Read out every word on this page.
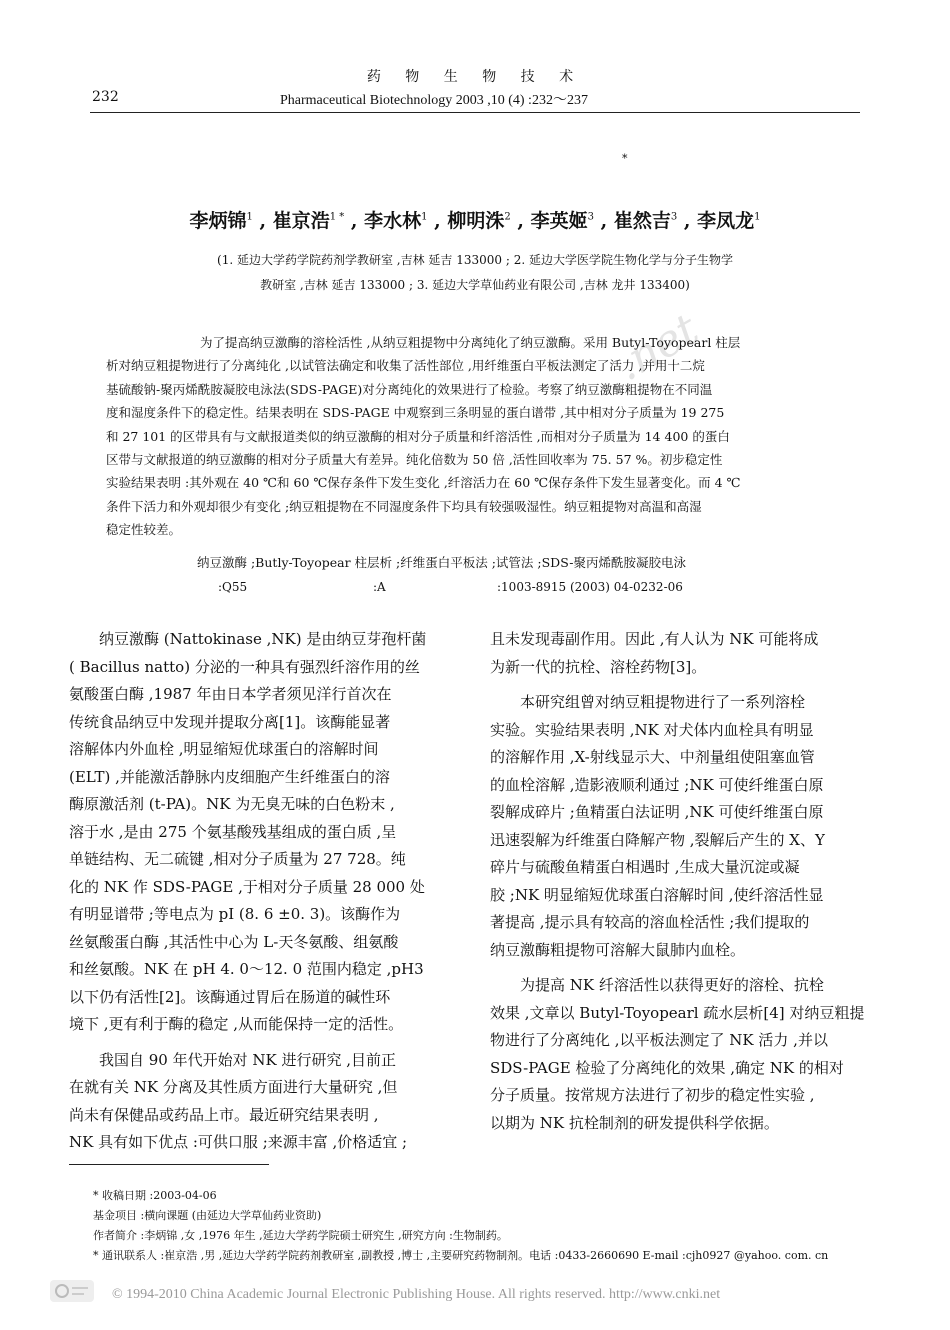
药 物 生 物 技 术
232	Pharmaceutical Biotechnology 2003 ,10 (4) :232～237
.net
*
李炳锦$^1$ , 崔京浩$^{1 *}$ , 李水林$^1$ , 柳明洙$^2$ , 李英姬$^3$ , 崔然吉$^3$ , 李凤龙$^1$
(1. 延边大学药学院药剂学教研室 ,吉林 延吉 133000 ; 2. 延边大学医学院生物化学与分子生物学
教研室 ,吉林 延吉 133000 ; 3. 延边大学草仙药业有限公司 ,吉林 龙井 133400)
为了提高纳豆激酶的溶栓活性 ,从纳豆粗提物中分离纯化了纳豆激酶。采用 Butyl-Toyopearl 柱层
析对纳豆粗提物进行了分离纯化 ,以试管法确定和收集了活性部位 ,用纤维蛋白平板法测定了活力 ,并用十二烷
基硫酸钠-聚丙烯酰胺凝胶电泳法(SDS-PAGE)对分离纯化的效果进行了检验。考察了纳豆激酶粗提物在不同温
度和湿度条件下的稳定性。结果表明在 SDS-PAGE 中观察到三条明显的蛋白谱带 ,其中相对分子质量为 19 275
和 27 101 的区带具有与文献报道类似的纳豆激酶的相对分子质量和纤溶活性 ,而相对分子质量为 14 400 的蛋白
区带与文献报道的纳豆激酶的相对分子质量大有差异。纯化倍数为 50 倍 ,活性回收率为 75. 57 %。初步稳定性
实验结果表明 :其外观在 40 ℃和 60 ℃保存条件下发生变化 ,纤溶活力在 60 ℃保存条件下发生显著变化。而 4 ℃
条件下活力和外观却很少有变化 ;纳豆粗提物在不同湿度条件下均具有较强吸湿性。纳豆粗提物对高温和高湿
稳定性较差。
纳豆激酶 ;Butly-Toyopear 柱层析 ;纤维蛋白平板法 ;试管法 ;SDS-聚丙烯酰胺凝胶电泳
:Q55	:A	:1003-8915 (2003) 04-0232-06
纳豆激酶 (Nattokinase ,NK) 是由纳豆芽孢杆菌
( Bacillus natto) 分泌的一种具有强烈纤溶作用的丝
氨酸蛋白酶 ,1987 年由日本学者须见洋行首次在
传统食品纳豆中发现并提取分离[1]。该酶能显著
溶解体内外血栓 ,明显缩短优球蛋白的溶解时间
(ELT) ,并能激活静脉内皮细胞产生纤维蛋白的溶
酶原激活剂 (t-PA)。NK 为无臭无味的白色粉末 ,
溶于水 ,是由 275 个氨基酸残基组成的蛋白质 ,呈
单链结构、无二硫键 ,相对分子质量为 27 728。纯
化的 NK 作 SDS-PAGE ,于相对分子质量 28 000 处
有明显谱带 ;等电点为 pI (8. 6 ±0. 3)。该酶作为
丝氨酸蛋白酶 ,其活性中心为 L-天冬氨酸、组氨酸
和丝氨酸。NK 在 pH 4. 0～12. 0 范围内稳定 ,pH3
以下仍有活性[2]。该酶通过胃后在肠道的碱性环
境下 ,更有利于酶的稳定 ,从而能保持一定的活性。
我国自 90 年代开始对 NK 进行研究 ,目前正
在就有关 NK 分离及其性质方面进行大量研究 ,但
尚未有保健品或药品上市。最近研究结果表明 ,
NK 具有如下优点 :可供口服 ;来源丰富 ,价格适宜 ;
且未发现毒副作用。因此 ,有人认为 NK 可能将成
为新一代的抗栓、溶栓药物[3]。
本研究组曾对纳豆粗提物进行了一系列溶栓
实验。实验结果表明 ,NK 对犬体内血栓具有明显
的溶解作用 ,X-射线显示大、中剂量组使阻塞血管
的血栓溶解 ,造影液顺利通过 ;NK 可使纤维蛋白原
裂解成碎片 ;鱼精蛋白法证明 ,NK 可使纤维蛋白原
迅速裂解为纤维蛋白降解产物 ,裂解后产生的 X、Y
碎片与硫酸鱼精蛋白相遇时 ,生成大量沉淀或凝
胶 ;NK 明显缩短优球蛋白溶解时间 ,使纤溶活性显
著提高 ,提示具有较高的溶血栓活性 ;我们提取的
纳豆激酶粗提物可溶解大鼠肺内血栓。
为提高 NK 纤溶活性以获得更好的溶栓、抗栓
效果 ,文章以 Butyl-Toyopearl 疏水层析[4] 对纳豆粗提
物进行了分离纯化 ,以平板法测定了 NK 活力 ,并以
SDS-PAGE 检验了分离纯化的效果 ,确定 NK 的相对
分子质量。按常规方法进行了初步的稳定性实验 ,
以期为 NK 抗栓制剂的研发提供科学依据。
* 收稿日期 :2003-04-06
基金项目 :横向课题 (由延边大学草仙药业资助)
作者简介 :李炳锦 ,女 ,1976 年生 ,延边大学药学院硕士研究生 ,研究方向 :生物制药。
* 通讯联系人 :崔京浩 ,男 ,延边大学药学院药剂教研室 ,副教授 ,博士 ,主要研究药物制剂。电话 :0433-2660690 E-mail :cjh0927 @yahoo. com. cn
© 1994-2010 China Academic Journal Electronic Publishing House. All rights reserved. http://www.cnki.net
